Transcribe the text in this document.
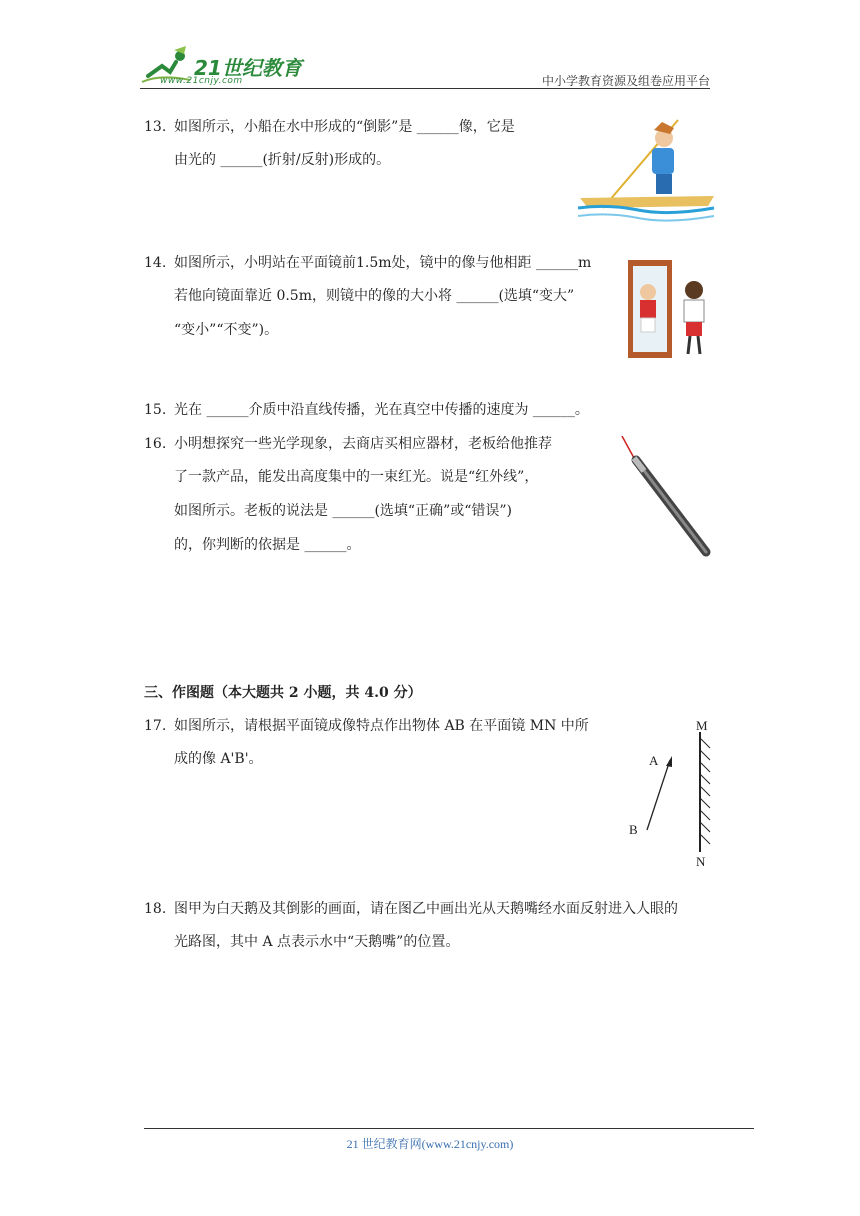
21世纪教育
www.21cnjy.com	中小学教育资源及组卷应用平台
13. 如图所示，小船在水中形成的“倒影”是 ______像，它是
由光的 ______(折射/反射)形成的。
14. 如图所示，小明站在平面镜前1.5m处，镜中的像与他相距 ______m
若他向镜面靠近 0.5m，则镜中的像的大小将 ______(选填“变大”
“变小”“不变”)。
15. 光在 ______介质中沿直线传播，光在真空中传播的速度为 ______。
16. 小明想探究一些光学现象，去商店买相应器材，老板给他推荐
了一款产品，能发出高度集中的一束红光。说是“红外线”，
如图所示。老板的说法是 ______(选填“正确”或“错误”)
的，你判断的依据是 ______。
三、作图题（本大题共 2 小题，共 4.0 分）
17. 如图所示，请根据平面镜成像特点作出物体 AB 在平面镜 MN 中所
成的像 A'B'。
M
N
A
B
18. 图甲为白天鹅及其倒影的画面，请在图乙中画出光从天鹅嘴经水面反射进入人眼的
光路图，其中 A 点表示水中“天鹅嘴”的位置。
21 世纪教育网(www.21cnjy.com)
